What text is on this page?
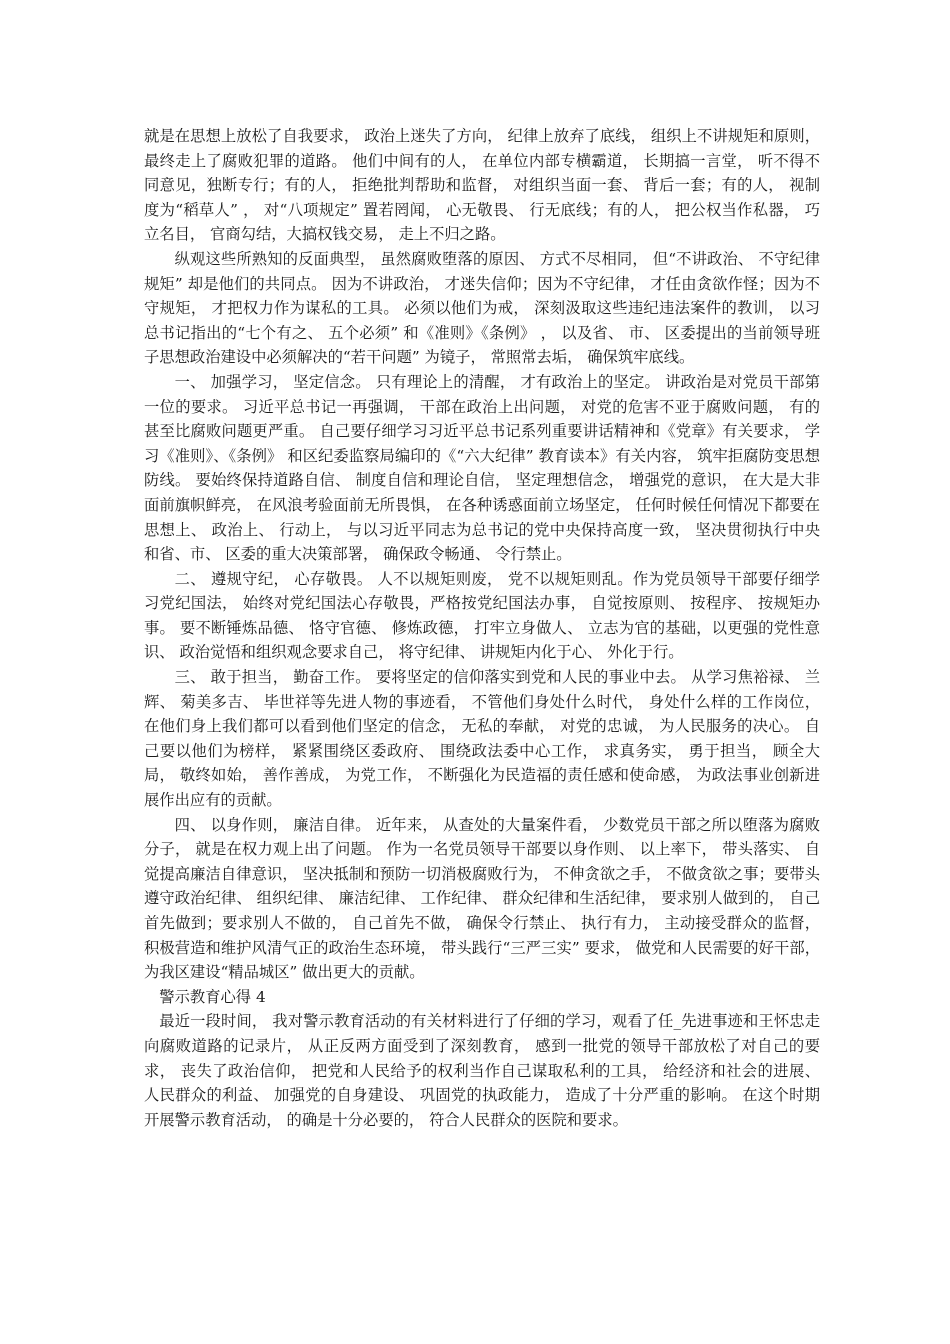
就是在思想上放松了自我要求， 政治上迷失了方向， 纪律上放弃了底线， 组织上不讲规矩和原则， 最终走上了腐败犯罪的道路。 他们中间有的人， 在单位内部专横霸道， 长期搞一言堂， 听不得不同意见，独断专行；有的人， 拒绝批判帮助和监督， 对组织当面一套、 背后一套；有的人， 视制度为“稻草人” ， 对“八项规定” 置若罔闻， 心无敬畏、 行无底线；有的人， 把公权当作私器， 巧立名目， 官商勾结，大搞权钱交易， 走上不归之路。

纵观这些所熟知的反面典型， 虽然腐败堕落的原因、 方式不尽相同， 但“不讲政治、 不守纪律规矩” 却是他们的共同点。 因为不讲政治， 才迷失信仰；因为不守纪律， 才任由贪欲作怪；因为不守规矩， 才把权力作为谋私的工具。 必须以他们为戒， 深刻汲取这些违纪违法案件的教训， 以习总书记指出的“七个有之、 五个必须” 和《准则》《条例》 ， 以及省、 市、 区委提出的当前领导班子思想政治建设中必须解决的“若干问题” 为镜子， 常照常去垢， 确保筑牢底线。

一、 加强学习， 坚定信念。 只有理论上的清醒， 才有政治上的坚定。 讲政治是对党员干部第一位的要求。 习近平总书记一再强调， 干部在政治上出问题， 对党的危害不亚于腐败问题， 有的甚至比腐败问题更严重。 自己要仔细学习习近平总书记系列重要讲话精神和《党章》有关要求， 学习《准则》、《条例》 和区纪委监察局编印的《“六大纪律” 教育读本》有关内容， 筑牢拒腐防变思想防线。 要始终保持道路自信、 制度自信和理论自信， 坚定理想信念， 增强党的意识， 在大是大非面前旗帜鲜亮， 在风浪考验面前无所畏惧， 在各种诱惑面前立场坚定， 任何时候任何情况下都要在思想上、 政治上、 行动上， 与以习近平同志为总书记的党中央保持高度一致， 坚决贯彻执行中央和省、市、 区委的重大决策部署， 确保政令畅通、 令行禁止。

二、 遵规守纪， 心存敬畏。 人不以规矩则废， 党不以规矩则乱。作为党员领导干部要仔细学习党纪国法， 始终对党纪国法心存敬畏，严格按党纪国法办事， 自觉按原则、 按程序、 按规矩办事。 要不断锤炼品德、 恪守官德、 修炼政德， 打牢立身做人、 立志为官的基础，以更强的党性意识、 政治觉悟和组织观念要求自己， 将守纪律、 讲规矩内化于心、 外化于行。

三、 敢于担当， 勤奋工作。 要将坚定的信仰落实到党和人民的事业中去。 从学习焦裕禄、 兰辉、 菊美多吉、 毕世祥等先进人物的事迹看， 不管他们身处什么时代， 身处什么样的工作岗位， 在他们身上我们都可以看到他们坚定的信念， 无私的奉献， 对党的忠诚， 为人民服务的决心。 自己要以他们为榜样， 紧紧围绕区委政府、 围绕政法委中心工作， 求真务实， 勇于担当， 顾全大局， 敬终如始， 善作善成， 为党工作， 不断强化为民造福的责任感和使命感， 为政法事业创新进展作出应有的贡献。

四、 以身作则， 廉洁自律。 近年来， 从查处的大量案件看， 少数党员干部之所以堕落为腐败分子， 就是在权力观上出了问题。 作为一名党员领导干部要以身作则、 以上率下， 带头落实、 自觉提高廉洁自律意识， 坚决抵制和预防一切消极腐败行为， 不伸贪欲之手， 不做贪欲之事；要带头遵守政治纪律、 组织纪律、 廉洁纪律、 工作纪律、 群众纪律和生活纪律， 要求别人做到的， 自己首先做到；要求别人不做的， 自己首先不做， 确保令行禁止、 执行有力， 主动接受群众的监督，积极营造和维护风清气正的政治生态环境， 带头践行“三严三实” 要求， 做党和人民需要的好干部， 为我区建设“精品城区” 做出更大的贡献。

警示教育心得 4

最近一段时间， 我对警示教育活动的有关材料进行了仔细的学习，观看了任_先进事迹和王怀忠走向腐败道路的记录片， 从正反两方面受到了深刻教育， 感到一批党的领导干部放松了对自己的要求， 丧失了政治信仰， 把党和人民给予的权利当作自己谋取私利的工具， 给经济和社会的进展、 人民群众的利益、 加强党的自身建设、 巩固党的执政能力， 造成了十分严重的影响。 在这个时期开展警示教育活动， 的确是十分必要的， 符合人民群众的医院和要求。
